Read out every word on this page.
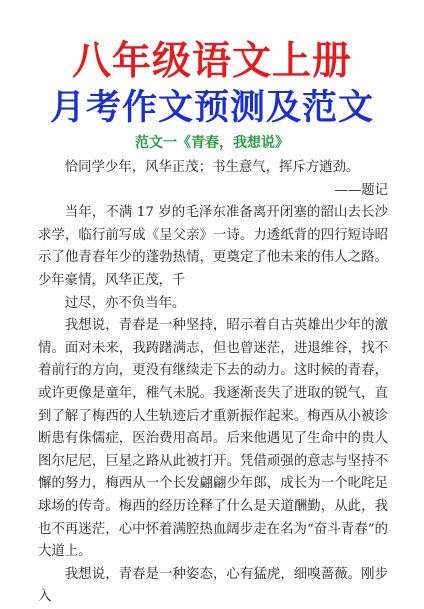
八年级语文上册
月考作文预测及范文
范文一《青春，我想说》

恰同学少年，风华正茂；书生意气，挥斥方遒劲。

——题记

当年，不满 17 岁的毛泽东准备离开闭塞的韶山去长沙求学，临行前写成《呈父亲》一诗。力透纸背的四行短诗昭示了他青春年少的蓬勃热情，更奠定了他未来的伟人之路。少年豪情，风华正茂，千

过尽，亦不负当年。

我想说，青春是一种坚持，昭示着自古英雄出少年的激情。面对未来，我踌躇满志，但也曾迷茫，进退维谷，找不着前行的方向，更没有继续走下去的动力。这时候的青春，或许更像是童年，稚气未脱。我逐渐丧失了进取的锐气，直到了解了梅西的人生轨迹后才重新振作起来。梅西从小被诊断患有侏儒症，医治费用高昂。后来他遇见了生命中的贵人图尔尼尼，巨星之路从此被打开。凭借顽强的意志与坚持不懈的努力，梅西从一个长发翩翩少年郎，成长为一个叱咤足球场的传奇。梅西的经历诠释了什么是天道酬勤，从此，我也不再迷茫，心中怀着满腔热血阔步走在名为“奋斗青春”的大道上。

我想说，青春是一种姿态，心有猛虎，细嗅蔷薇。刚步入
